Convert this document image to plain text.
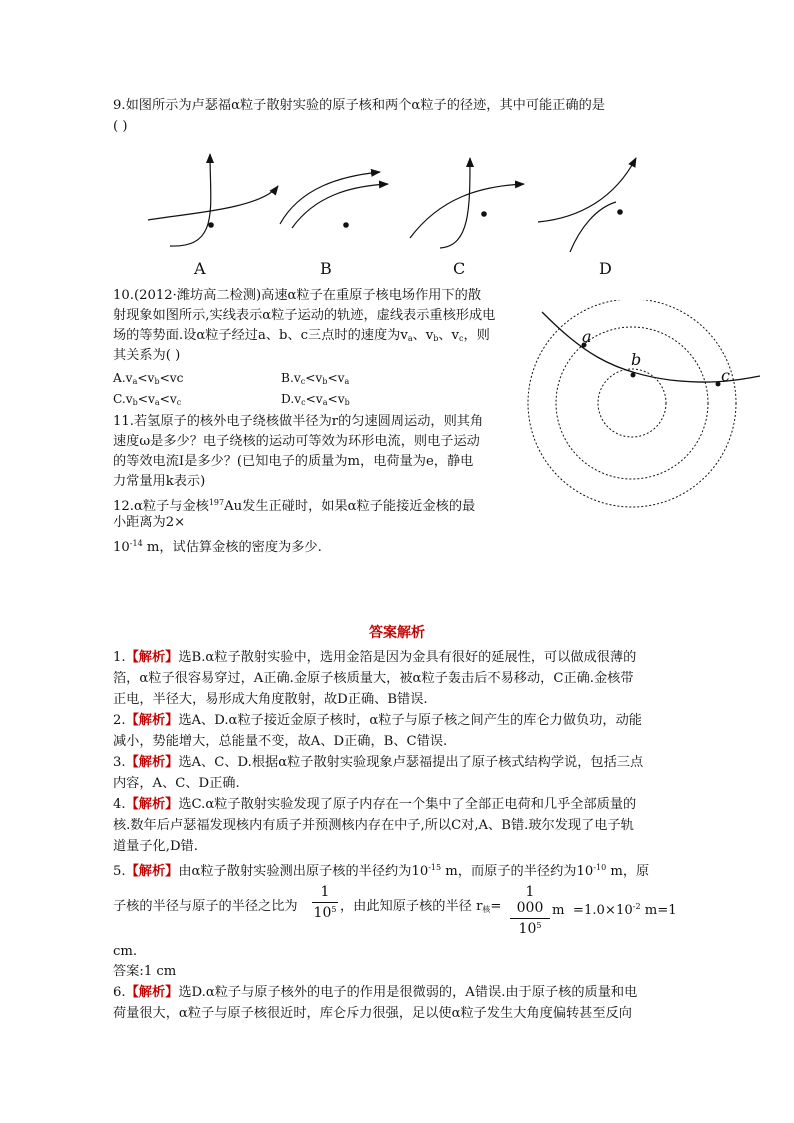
9.如图所示为卢瑟福α粒子散射实验的原子核和两个α粒子的径迹，其中可能正确的是
( )
A	B	C	D
10.(2012·潍坊高二检测)高速α粒子在重原子核电场作用下的散
射现象如图所示,实线表示α粒子运动的轨迹，虚线表示重核形成电
场的等势面.设α粒子经过a、b、c三点时的速度为$v_a$、$v_b$、$v_c$，则
其关系为( )
$A.v_a<v_b<vc$	$B.v_c<v_b<v_a$
$C.v_b<v_a<v_c$	$D.v_c<v_a<v_b$
a
b
c
11.若氢原子的核外电子绕核做半径为r的匀速圆周运动，则其角
速度ω是多少？电子绕核的运动可等效为环形电流，则电子运动
的等效电流I是多少？(已知电子的质量为m，电荷量为e，静电
力常量用k表示)
12.α粒子与金核$^{197}$Au发生正碰时，如果α粒子能接近金核的最
小距离为2×
$10^{-14}$ m，试估算金核的密度为多少.
答案解析
1.【解析】选B.α粒子散射实验中，选用金箔是因为金具有很好的延展性，可以做成很薄的
箔，α粒子很容易穿过，A正确.金原子核质量大，被α粒子轰击后不易移动，C正确.金核带
正电，半径大，易形成大角度散射，故D正确、B错误.
2.【解析】选A、D.α粒子接近金原子核时，α粒子与原子核之间产生的库仑力做负功，动能
减小，势能增大，总能量不变，故A、D正确，B、C错误.
3.【解析】选A、C、D.根据α粒子散射实验现象卢瑟福提出了原子核式结构学说，包括三点
内容，A、C、D正确.
4.【解析】选C.α粒子散射实验发现了原子内存在一个集中了全部正电荷和几乎全部质量的
核.数年后卢瑟福发现核内有质子并预测核内存在中子,所以C对,A、B错.玻尔发现了电子轨
道量子化,D错.
5.【解析】由α粒子散射实验测出原子核的半径约为$10^{-15}$ m，而原子的半径约为$10^{-10}$ m，原
子核的半径与原子的半径之比为
1
$10^5$ ，由此知原子核的半径 $r_核=$
1 000
$10^5$
$m =1.0\times 10^{-2}$ m=1
cm.
答案:1 cm
6.【解析】选D.α粒子与原子核外的电子的作用是很微弱的，A错误.由于原子核的质量和电
荷量很大，α粒子与原子核很近时，库仑斥力很强，足以使α粒子发生大角度偏转甚至反向
